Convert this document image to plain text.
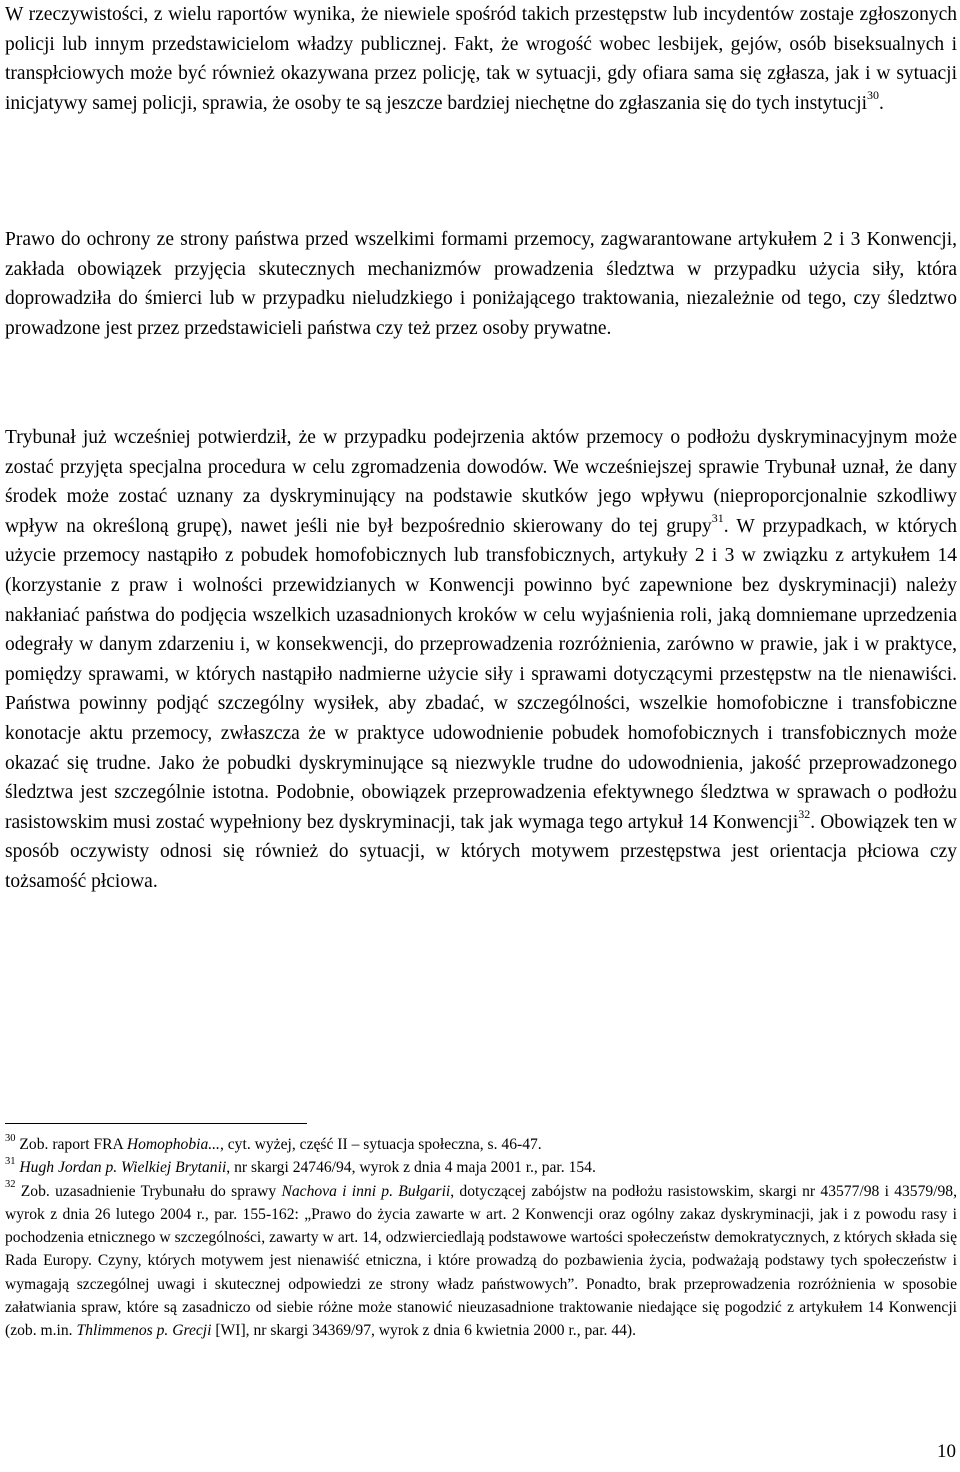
W rzeczywistości, z wielu raportów wynika, że niewiele spośród takich przestępstw lub incydentów zostaje zgłoszonych policji lub innym przedstawicielom władzy publicznej. Fakt, że wrogość wobec lesbijek, gejów, osób biseksualnych i transpłciowych może być również okazywana przez policję, tak w sytuacji, gdy ofiara sama się zgłasza, jak i w sytuacji inicjatywy samej policji, sprawia, że osoby te są jeszcze bardziej niechętne do zgłaszania się do tych instytucji$^{30}$.

Prawo do ochrony ze strony państwa przed wszelkimi formami przemocy, zagwarantowane artykułem 2 i 3 Konwencji, zakłada obowiązek przyjęcia skutecznych mechanizmów prowadzenia śledztwa w przypadku użycia siły, która doprowadziła do śmierci lub w przypadku nieludzkiego i poniżającego traktowania, niezależnie od tego, czy śledztwo prowadzone jest przez przedstawicieli państwa czy też przez osoby prywatne.

Trybunał już wcześniej potwierdził, że w przypadku podejrzenia aktów przemocy o podłożu dyskryminacyjnym może zostać przyjęta specjalna procedura w celu zgromadzenia dowodów. We wcześniejszej sprawie Trybunał uznał, że dany środek może zostać uznany za dyskryminujący na podstawie skutków jego wpływu (nieproporcjonalnie szkodliwy wpływ na określoną grupę), nawet jeśli nie był bezpośrednio skierowany do tej grupy$^{31}$. W przypadkach, w których użycie przemocy nastąpiło z pobudek homofobicznych lub transfobicznych, artykuły 2 i 3 w związku z artykułem 14 (korzystanie z praw i wolności przewidzianych w Konwencji powinno być zapewnione bez dyskryminacji) należy nakłaniać państwa do podjęcia wszelkich uzasadnionych kroków w celu wyjaśnienia roli, jaką domniemane uprzedzenia odegrały w danym zdarzeniu i, w konsekwencji, do przeprowadzenia rozróżnienia, zarówno w prawie, jak i w praktyce, pomiędzy sprawami, w których nastąpiło nadmierne użycie siły i sprawami dotyczącymi przestępstw na tle nienawiści. Państwa powinny podjąć szczególny wysiłek, aby zbadać, w szczególności, wszelkie homofobiczne i transfobiczne konotacje aktu przemocy, zwłaszcza że w praktyce udowodnienie pobudek homofobicznych i transfobicznych może okazać się trudne. Jako że pobudki dyskryminujące są niezwykle trudne do udowodnienia, jakość przeprowadzonego śledztwa jest szczególnie istotna. Podobnie, obowiązek przeprowadzenia efektywnego śledztwa w sprawach o podłożu rasistowskim musi zostać wypełniony bez dyskryminacji, tak jak wymaga tego artykuł 14 Konwencji$^{32}$. Obowiązek ten w sposób oczywisty odnosi się również do sytuacji, w których motywem przestępstwa jest orientacja płciowa czy tożsamość płciowa.

$^{30}$ Zob. raport FRA Homophobia..., cyt. wyżej, część II – sytuacja społeczna, s. 46-47.

$^{31}$ Hugh Jordan p. Wielkiej Brytanii, nr skargi 24746/94, wyrok z dnia 4 maja 2001 r., par. 154.

$^{32}$ Zob. uzasadnienie Trybunału do sprawy Nachova i inni p. Bułgarii, dotyczącej zabójstw na podłożu rasistowskim, skargi nr 43577/98 i 43579/98, wyrok z dnia 26 lutego 2004 r., par. 155-162: „Prawo do życia zawarte w art. 2 Konwencji oraz ogólny zakaz dyskryminacji, jak i z powodu rasy i pochodzenia etnicznego w szczególności, zawarty w art. 14, odzwierciedlają podstawowe wartości społeczeństw demokratycznych, z których składa się Rada Europy. Czyny, których motywem jest nienawiść etniczna, i które prowadzą do pozbawienia życia, podważają podstawy tych społeczeństw i wymagają szczególnej uwagi i skutecznej odpowiedzi ze strony władz państwowych”. Ponadto, brak przeprowadzenia rozróżnienia w sposobie załatwiania spraw, które są zasadniczo od siebie różne może stanowić nieuzasadnione traktowanie niedające się pogodzić z artykułem 14 Konwencji (zob. m.in. Thlimmenos p. Grecji [WI], nr skargi 34369/97, wyrok z dnia 6 kwietnia 2000 r., par. 44).

10
